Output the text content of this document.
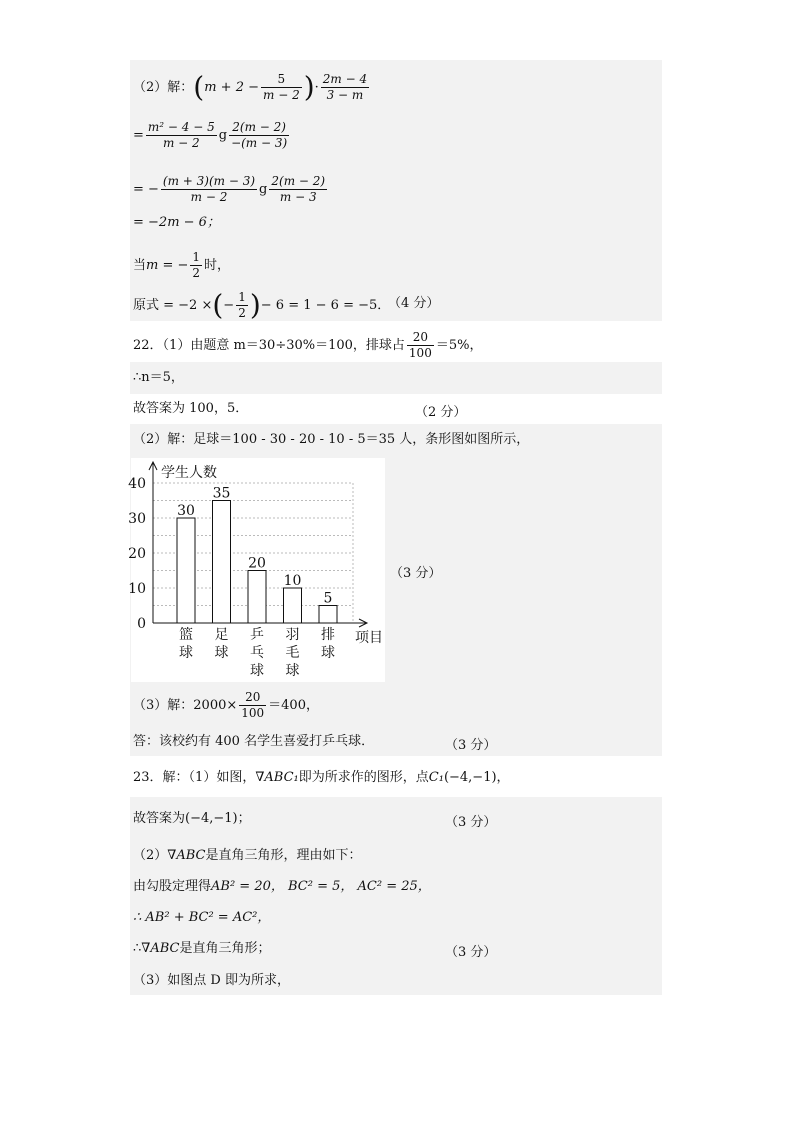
（2）解：($m + 2 - \frac{5}{m - 2}$ )· $\frac{2m - 4}{3 - m}$
= $\frac{\text{m² − 4 − 5}}{m - 2}$ g $\frac{2(m - 2)}{-(m - 3)}$
= − $\frac{(m + 3)(m - 3)}{m - 2}$ g $\frac{2(m - 2)}{m - 3}$
= −2m − 6；
当m = − $\frac{1}{2}$ 时，
原式 = −2 ×(− $\frac{1}{2}$ )− 6 = 1 − 6 = −5．
（4 分）
22．（1）由题意 m＝30÷30%＝100，排球占 $\frac{20}{100} =5\%$，
∴n＝5，
故答案为 100，5．	（2 分）
（2）解：足球＝100 - 30 - 20 - 10 - 5＝35 人，条形图如图所示，
学生人数
项目
0
10
20
30
40
30
篮
球
35
足
球
20
乒
乓
球
10
羽
毛
球
5
排
球
（3 分）
（3）解：$2000\times \frac{20}{100} =400$，
答：该校约有 400 名学生喜爱打乒乓球．	（3 分）
23．解：（1）如图，∇ABC₁即为所求作的图形，点C₁(−4,−1)，
故答案为(−4,−1)；	（3 分）
（2）∇ABC是直角三角形，理由如下：
由勾股定理得AB² = 20， BC² = 5， AC² = 25，
∴ AB² + BC² = AC²，
∴∇ABC是直角三角形；	（3 分）
（3）如图点 D 即为所求，
